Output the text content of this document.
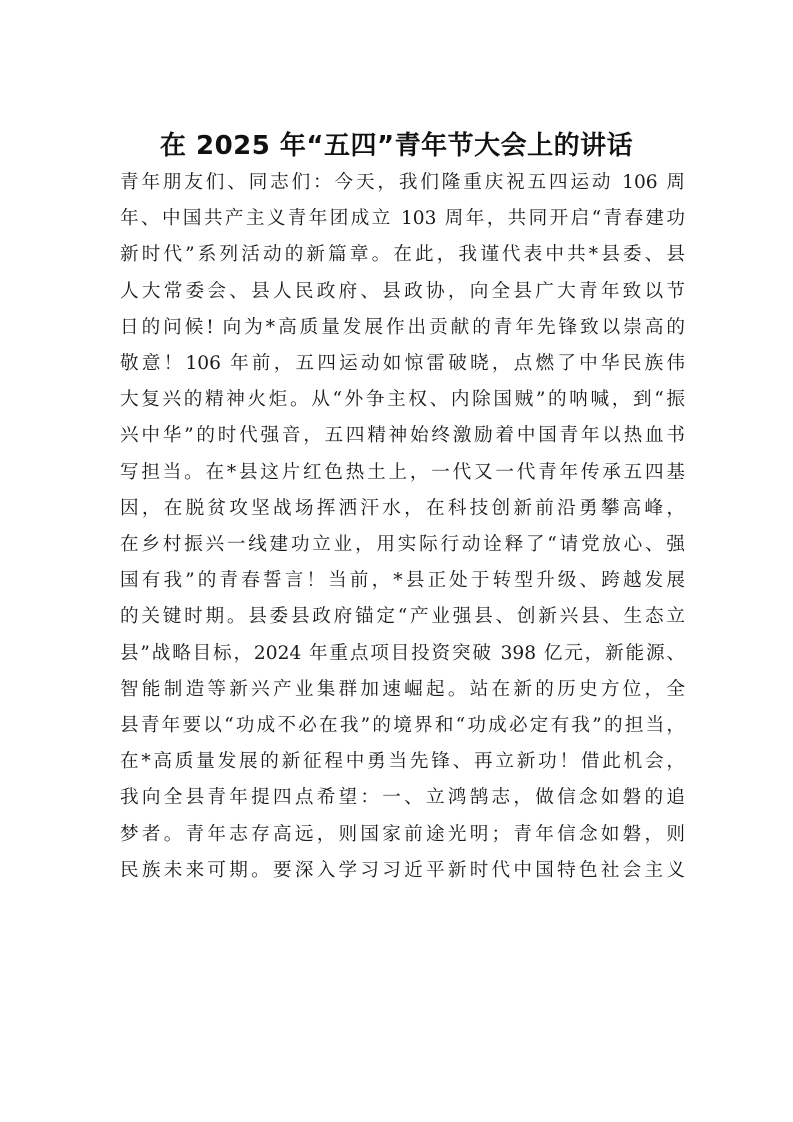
在 2025 年“五四”青年节大会上的讲话
青年朋友们、同志们：今天，我们隆重庆祝五四运动 106 周
年、中国共产主义青年团成立 103 周年，共同开启“青春建功
新时代”系列活动的新篇章。在此，我谨代表中共*县委、县
人大常委会、县人民政府、县政协，向全县广大青年致以节
日的问候! 向为*高质量发展作出贡献的青年先锋致以崇高的
敬意！106 年前，五四运动如惊雷破晓，点燃了中华民族伟
大复兴的精神火炬。从“外争主权、内除国贼”的呐喊，到“振
兴中华”的时代强音，五四精神始终激励着中国青年以热血书
写担当。在*县这片红色热土上，一代又一代青年传承五四基
因，在脱贫攻坚战场挥洒汗水，在科技创新前沿勇攀高峰，
在乡村振兴一线建功立业，用实际行动诠释了“请党放心、强
国有我”的青春誓言！当前，*县正处于转型升级、跨越发展
的关键时期。县委县政府锚定“产业强县、创新兴县、生态立
县”战略目标，2024 年重点项目投资突破 398 亿元，新能源、
智能制造等新兴产业集群加速崛起。站在新的历史方位，全
县青年要以“功成不必在我”的境界和“功成必定有我”的担当，
在*高质量发展的新征程中勇当先锋、再立新功！借此机会，
我向全县青年提四点希望：一、立鸿鹄志，做信念如磐的追
梦者。青年志存高远，则国家前途光明；青年信念如磐，则
民族未来可期。要深入学习习近平新时代中国特色社会主义
